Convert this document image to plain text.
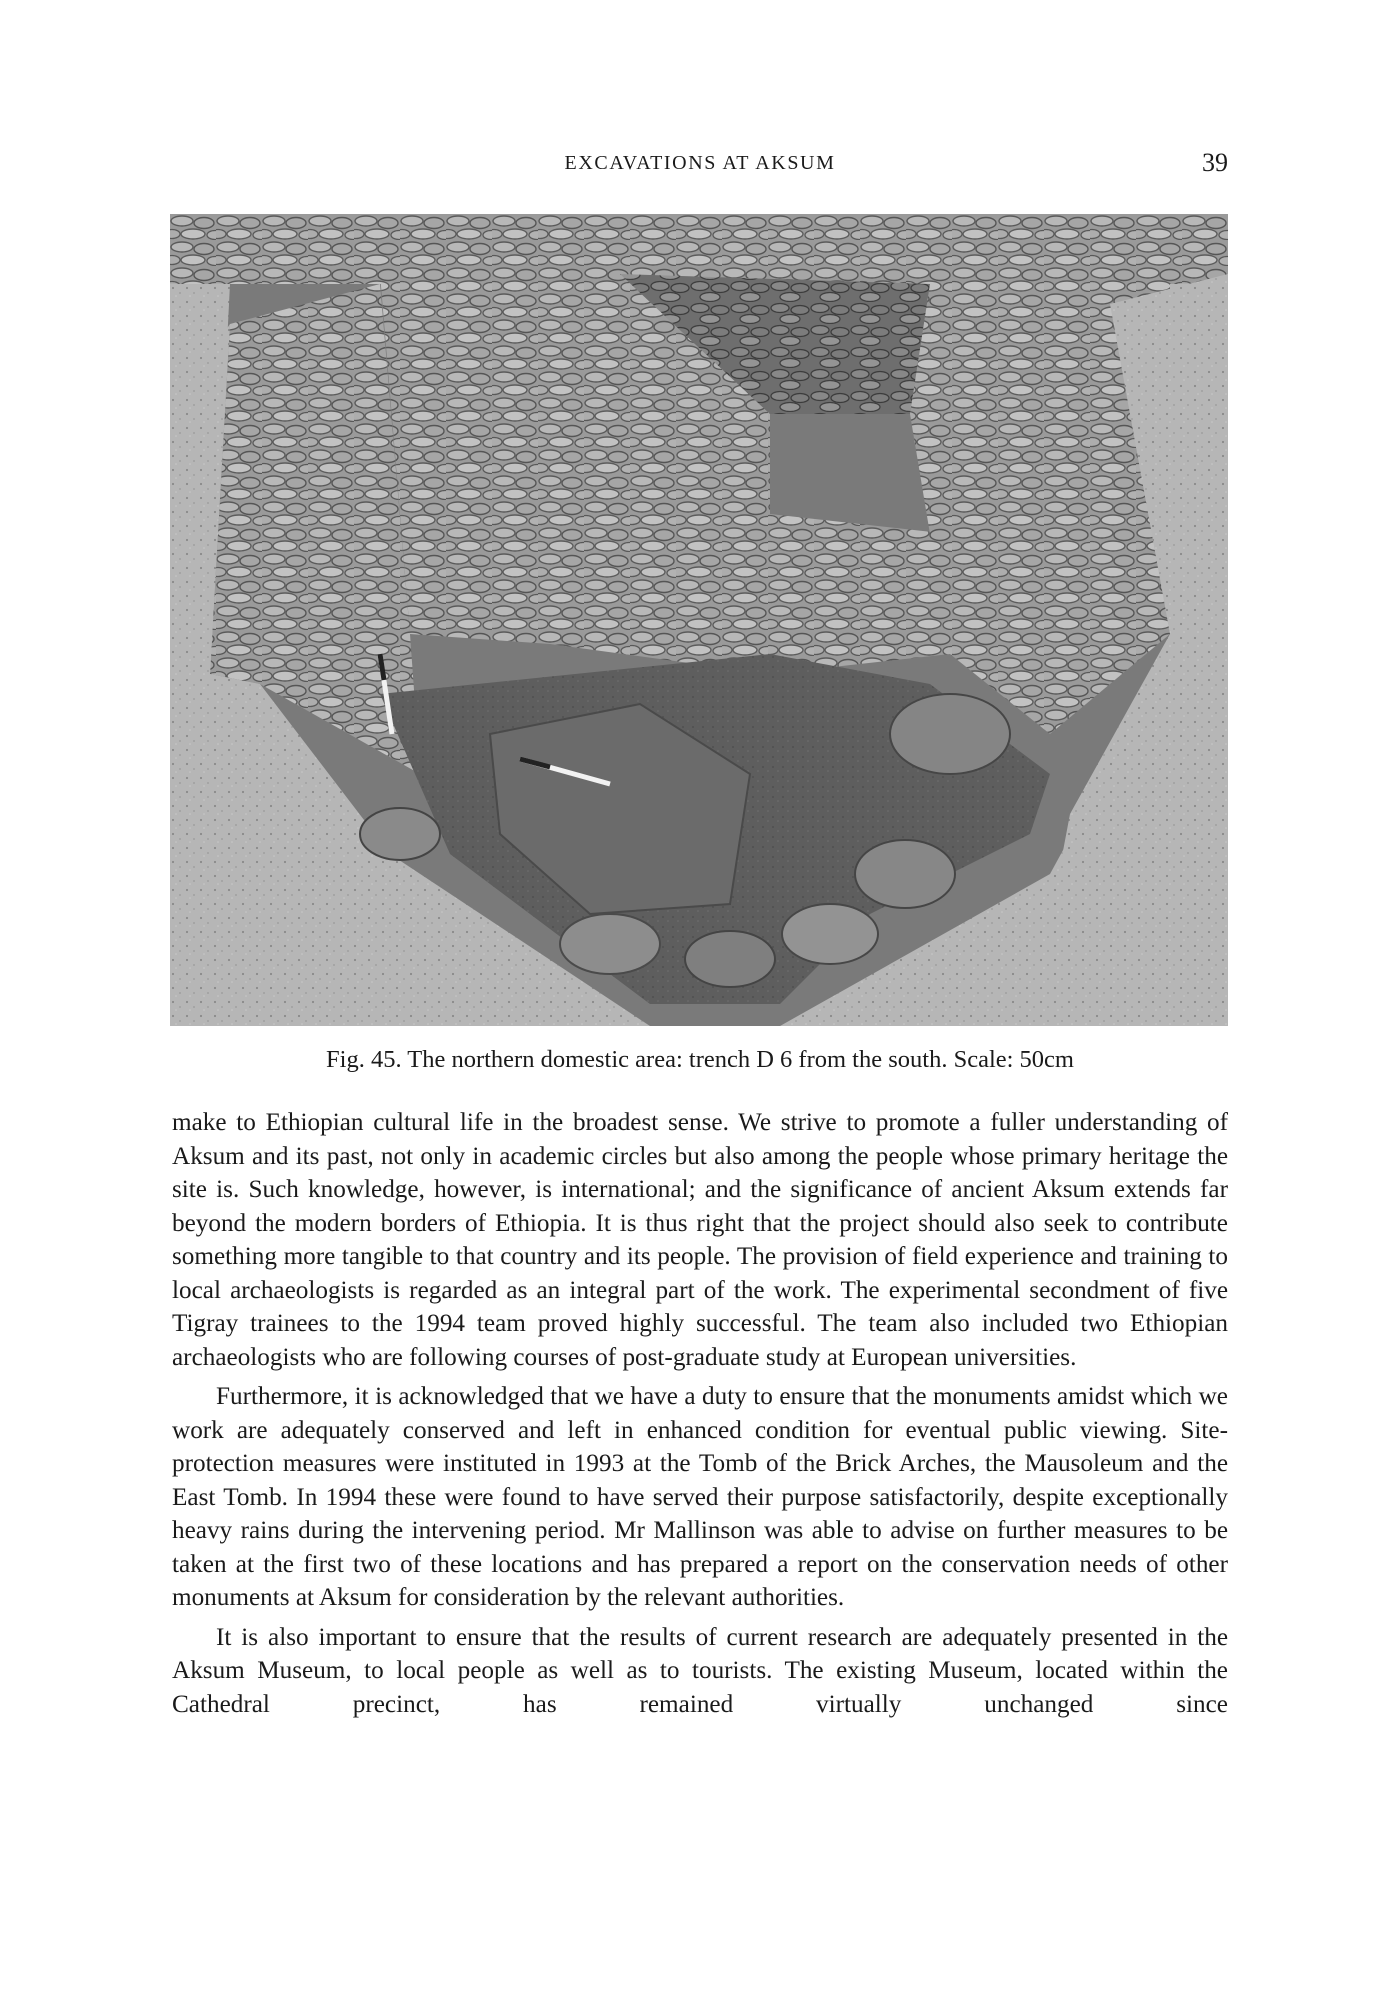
EXCAVATIONS AT AKSUM	39

Fig. 45. The northern domestic area: trench D 6 from the south. Scale: 50cm

make to Ethiopian cultural life in the broadest sense. We strive to promote a fuller understanding of Aksum and its past, not only in academic circles but also among the people whose primary heritage the site is. Such knowledge, however, is international; and the significance of ancient Aksum extends far beyond the modern borders of Ethiopia. It is thus right that the project should also seek to contribute something more tangible to that country and its people. The provision of field experience and training to local archaeologists is regarded as an integral part of the work. The experimental secondment of five Tigray trainees to the 1994 team proved highly successful. The team also included two Ethiopian archaeologists who are following courses of post-graduate study at European universities.

Furthermore, it is acknowledged that we have a duty to ensure that the monuments amidst which we work are adequately conserved and left in enhanced condition for eventual public viewing. Site-protection measures were instituted in 1993 at the Tomb of the Brick Arches, the Mausoleum and the East Tomb. In 1994 these were found to have served their purpose satisfactorily, despite exceptionally heavy rains during the intervening period. Mr Mallinson was able to advise on further measures to be taken at the first two of these locations and has prepared a report on the conservation needs of other monuments at Aksum for consideration by the relevant authorities.

It is also important to ensure that the results of current research are adequately presented in the Aksum Museum, to local people as well as to tourists. The existing Museum, located within the Cathedral precinct, has remained virtually unchanged since
